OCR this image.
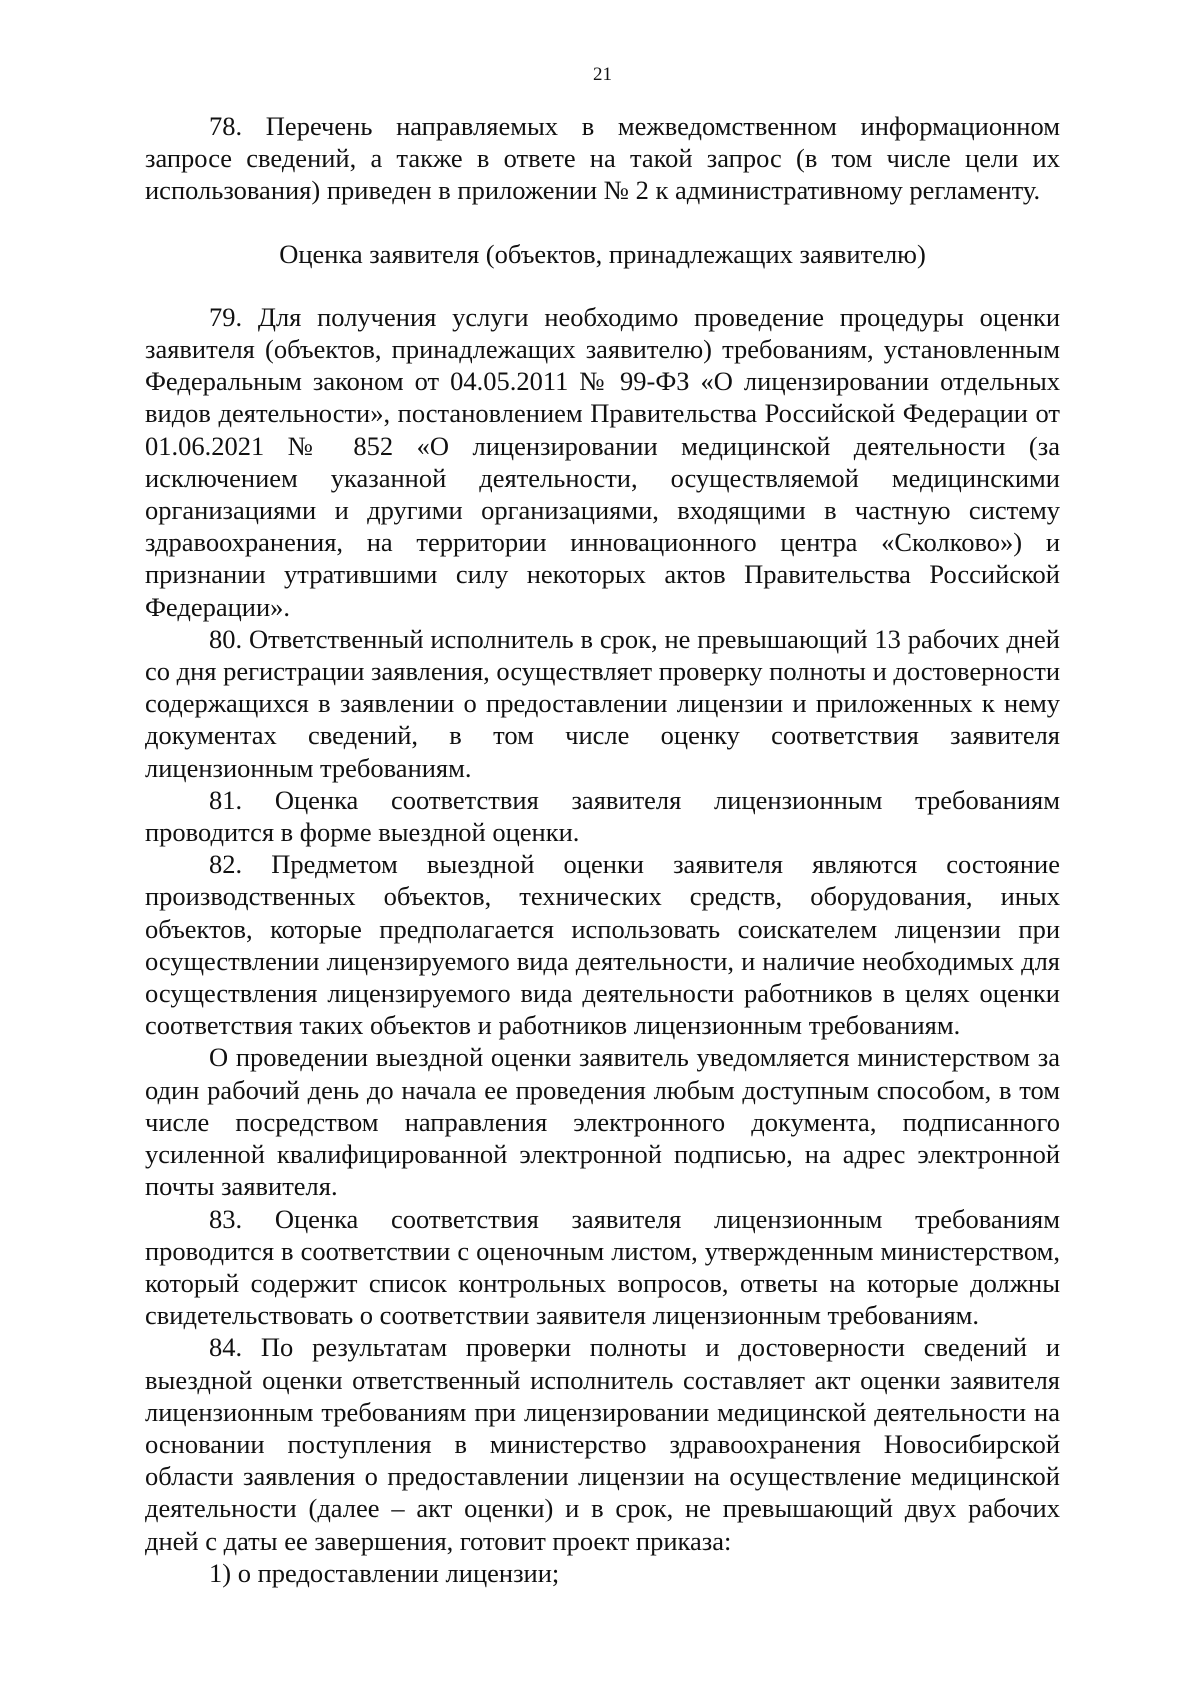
21

78. Перечень направляемых в межведомственном информационном запросе сведений, а также в ответе на такой запрос (в том числе цели их использования) приведен в приложении № 2 к административному регламенту.

Оценка заявителя (объектов, принадлежащих заявителю)

79. Для получения услуги необходимо проведение процедуры оценки заявителя (объектов, принадлежащих заявителю) требованиям, установленным Федеральным законом от 04.05.2011 № 99-ФЗ «О лицензировании отдельных видов деятельности», постановлением Правительства Российской Федерации от 01.06.2021 № 852 «О лицензировании медицинской деятельности (за исключением указанной деятельности, осуществляемой медицинскими организациями и другими организациями, входящими в частную систему здравоохранения, на территории инновационного центра «Сколково») и признании утратившими силу некоторых актов Правительства Российской Федерации».

80. Ответственный исполнитель в срок, не превышающий 13 рабочих дней со дня регистрации заявления, осуществляет проверку полноты и достоверности содержащихся в заявлении о предоставлении лицензии и приложенных к нему документах сведений, в том числе оценку соответствия заявителя лицензионным требованиям.

81. Оценка соответствия заявителя лицензионным требованиям проводится в форме выездной оценки.

82. Предметом выездной оценки заявителя являются состояние производственных объектов, технических средств, оборудования, иных объектов, которые предполагается использовать соискателем лицензии при осуществлении лицензируемого вида деятельности, и наличие необходимых для осуществления лицензируемого вида деятельности работников в целях оценки соответствия таких объектов и работников лицензионным требованиям.

О проведении выездной оценки заявитель уведомляется министерством за один рабочий день до начала ее проведения любым доступным способом, в том числе посредством направления электронного документа, подписанного усиленной квалифицированной электронной подписью, на адрес электронной почты заявителя.

83. Оценка соответствия заявителя лицензионным требованиям проводится в соответствии с оценочным листом, утвержденным министерством, который содержит список контрольных вопросов, ответы на которые должны свидетельствовать о соответствии заявителя лицензионным требованиям.

84. По результатам проверки полноты и достоверности сведений и выездной оценки ответственный исполнитель составляет акт оценки заявителя лицензионным требованиям при лицензировании медицинской деятельности на основании поступления в министерство здравоохранения Новосибирской области заявления о предоставлении лицензии на осуществление медицинской деятельности (далее – акт оценки) и в срок, не превышающий двух рабочих дней с даты ее завершения, готовит проект приказа:

1) о предоставлении лицензии;
